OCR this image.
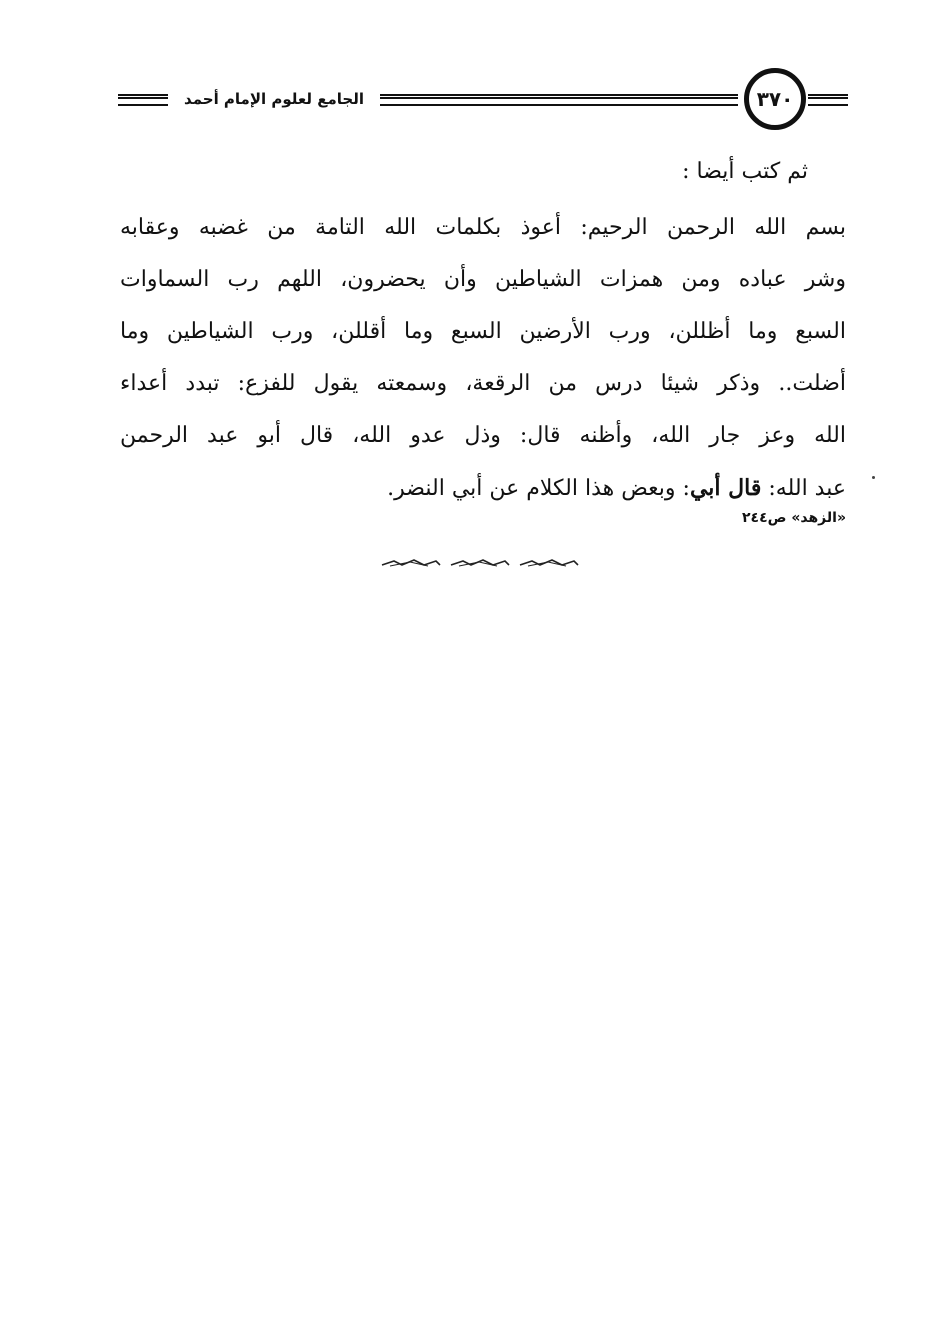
الجامع لعلوم الإمام أحمد	٣٧٠

ثم كتب أيضا :

بسم الله الرحمن الرحيم: أعوذ بكلمات الله التامة من غضبه وعقابه
وشر عباده ومن همزات الشياطين وأن يحضرون، اللهم رب السماوات
السبع وما أظللن، ورب الأرضين السبع وما أقللن، ورب الشياطين وما
أضلت.. وذكر شيئا درس من الرقعة، وسمعته يقول للفزع: تبدد أعداء
الله وعز جار الله، وأظنه قال: وذل عدو الله، قال أبو عبد الرحمن
عبد الله: قال أبي: وبعض هذا الكلام عن أبي النضر.
«الزهد» ص٢٤٤
